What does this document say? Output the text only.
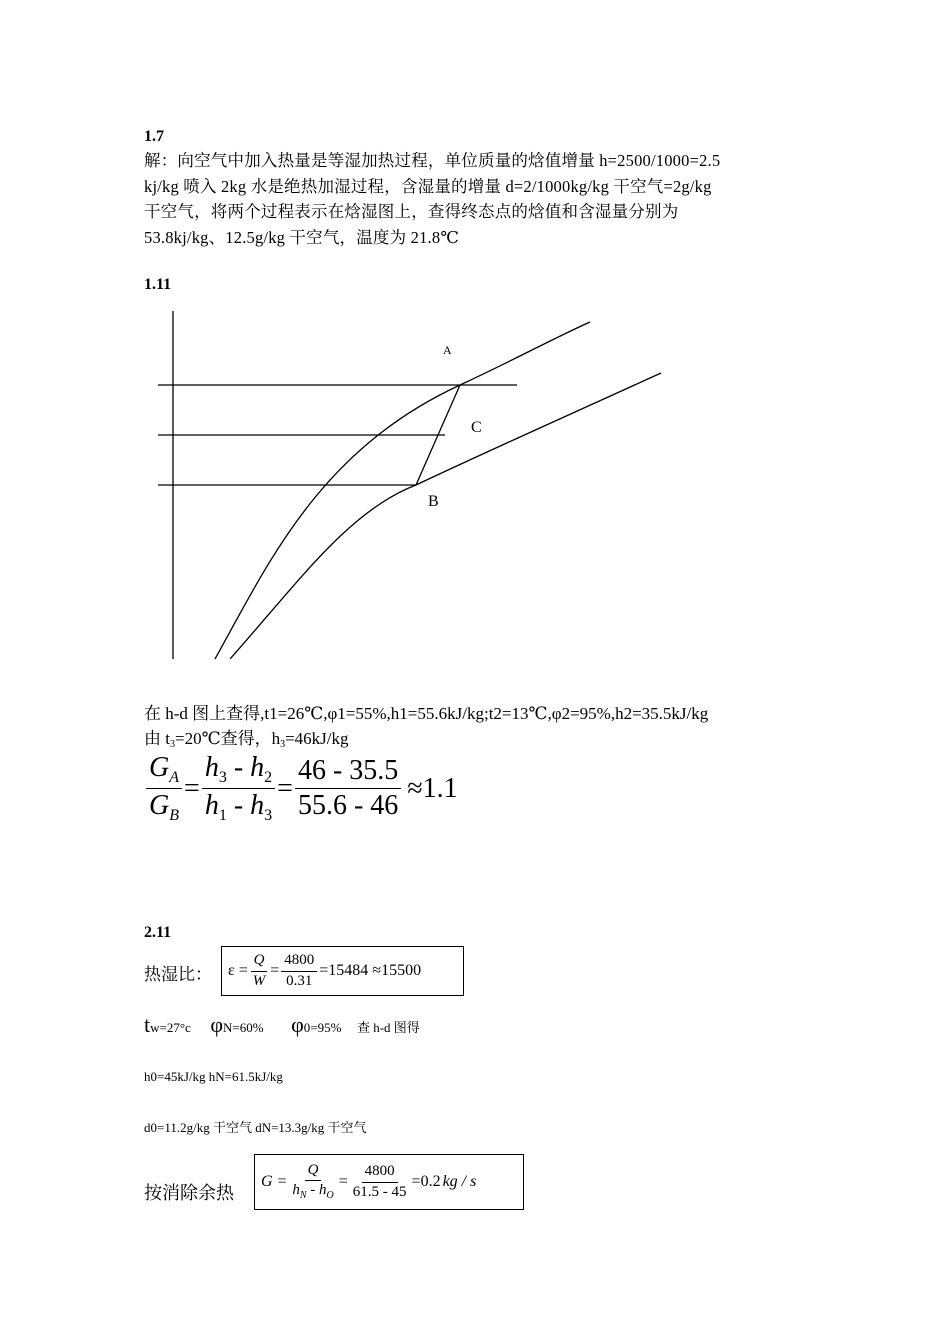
1.7
解：向空气中加入热量是等湿加热过程，单位质量的焓值增量 h=2500/1000=2.5
kj/kg 喷入 2kg 水是绝热加湿过程，含湿量的增量 d=2/1000kg/kg 干空气=2g/kg
干空气，将两个过程表示在焓湿图上，查得终态点的焓值和含湿量分别为
53.8kj/kg、12.5g/kg 干空气，温度为 21.8℃
1.11
A
C
B
在 h-d 图上查得,t1=26℃,φ1=55%,h1=55.6kJ/kg;t2=13℃,φ2=95%,h2=35.5kJ/kg
由 t3=20℃查得，h3=46kJ/kg
$\frac{G_A}{G_B} = \frac{h_3 - h_2}{h_1 - h_3} = \frac{46 - 35.5}{55.6 - 46} \approx 1.1$
2.11
热湿比： $\varepsilon = \frac{Q}{W} = \frac{4800}{0.31} =15484 \approx 15500$
tw=27°c φN=60% φ0=95% 查 h-d 图得
h0=45kJ/kg hN=61.5kJ/kg
d0=11.2g/kg 干空气 dN=13.3g/kg 干空气
按消除余热
$G = \frac{Q}{h_N - h_O} = \frac{4800}{61.5 - 45} =0.2$ kg / s
